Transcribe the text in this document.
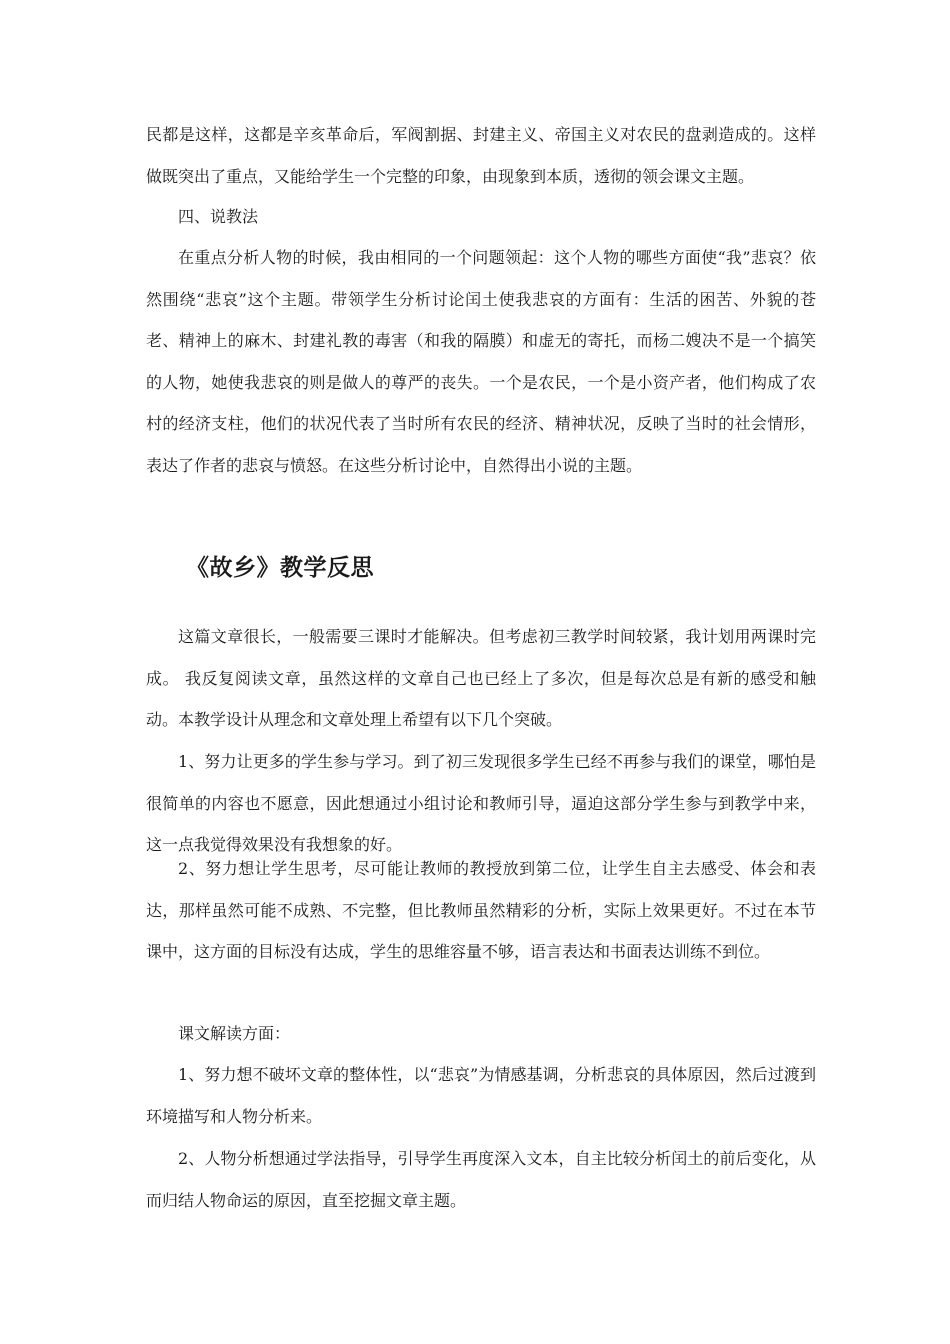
民都是这样，这都是辛亥革命后，军阀割据、封建主义、帝国主义对农民的盘剥造成的。这样做既突出了重点，又能给学生一个完整的印象，由现象到本质，透彻的领会课文主题。

四、说教法

在重点分析人物的时候，我由相同的一个问题领起：这个人物的哪些方面使“我”悲哀？依然围绕“悲哀”这个主题。带领学生分析讨论闰土使我悲哀的方面有：生活的困苦、外貌的苍老、精神上的麻木、封建礼教的毒害（和我的隔膜）和虚无的寄托，而杨二嫂决不是一个搞笑的人物，她使我悲哀的则是做人的尊严的丧失。一个是农民，一个是小资产者，他们构成了农村的经济支柱，他们的状况代表了当时所有农民的经济、精神状况，反映了当时的社会情形，表达了作者的悲哀与愤怒。在这些分析讨论中，自然得出小说的主题。

《故乡》教学反思

这篇文章很长，一般需要三课时才能解决。但考虑初三教学时间较紧，我计划用两课时完成。 我反复阅读文章，虽然这样的文章自己也已经上了多次，但是每次总是有新的感受和触动。本教学设计从理念和文章处理上希望有以下几个突破。

1、努力让更多的学生参与学习。到了初三发现很多学生已经不再参与我们的课堂，哪怕是很简单的内容也不愿意，因此想通过小组讨论和教师引导，逼迫这部分学生参与到教学中来，这一点我觉得效果没有我想象的好。

2、努力想让学生思考，尽可能让教师的教授放到第二位，让学生自主去感受、体会和表达，那样虽然可能不成熟、不完整，但比教师虽然精彩的分析，实际上效果更好。不过在本节课中，这方面的目标没有达成，学生的思维容量不够，语言表达和书面表达训练不到位。

课文解读方面：

1、努力想不破坏文章的整体性，以“悲哀”为情感基调，分析悲哀的具体原因，然后过渡到环境描写和人物分析来。

2、人物分析想通过学法指导，引导学生再度深入文本，自主比较分析闰土的前后变化，从而归结人物命运的原因，直至挖掘文章主题。
